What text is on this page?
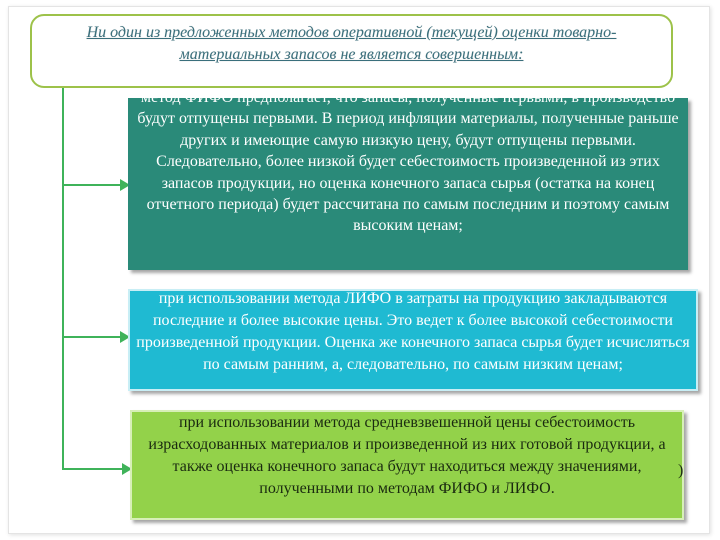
Ни один из предложенных методов оперативной (текущей) оценки товарно-материальных запасов не является совершенным:
метод ФИФО предполагает, что запасы, полученные первыми, в производство будут отпущены первыми. В период инфляции материалы, полученные раньше других и имеющие самую низкую цену, будут отпущены первыми. Следовательно, более низкой будет себестоимость произведенной из этих запасов продукции, но оценка конечного запаса сырья (остатка на конец отчетного периода) будет рассчитана по самым последним и поэтому самым высоким ценам;
при использовании метода ЛИФО в затраты на продукцию закладываются последние и более высокие цены. Это ведет к более высокой себестоимости произведенной продукции. Оценка же конечного запаса сырья будет исчисляться по самым ранним, а, следовательно, по самым низким ценам;
при использовании метода средневзвешенной цены себестоимость израсходованных материалов и произведенной из них готовой продукции, а также оценка конечного запаса будут находиться между значениями, полученными по методам ФИФО и ЛИФО.
)
